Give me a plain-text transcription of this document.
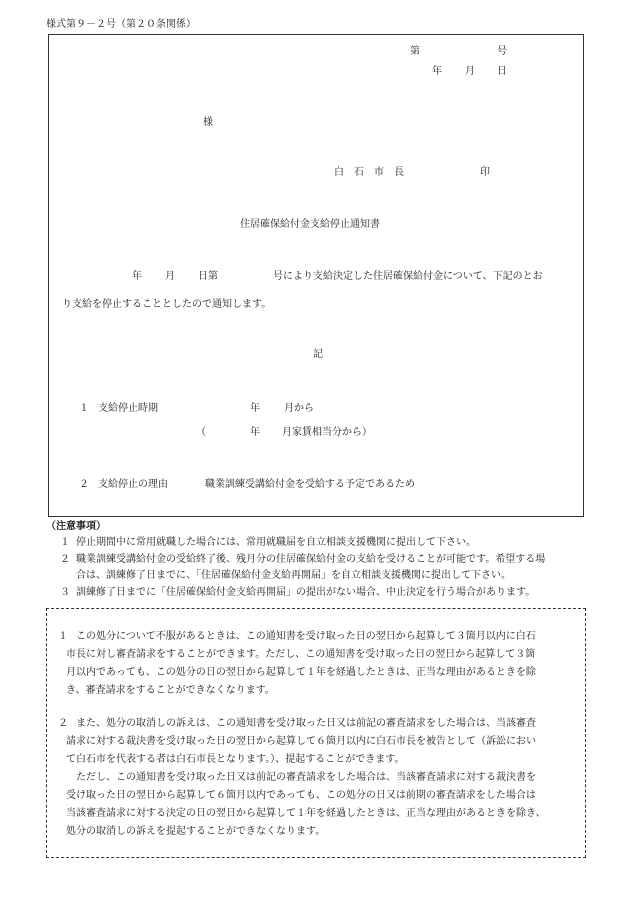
様式第９－２号（第２０条関係）
第	号
年 月 日
様
白　石　市　長	印
住居確保給付金支給停止通知書
年 月 日第	号により支給決定した住居確保給付金について、下記のとお
り支給を停止することとしたので通知します。
記
１ 支給停止時期	年 月から
（	年 月家賃相当分から）
２ 支給停止の理由	職業訓練受講給付金を受給する予定であるため
（注意事項）
１ 停止期間中に常用就職した場合には、常用就職届を自立相談支援機関に提出して下さい。
２ 職業訓練受講給付金の受給終了後、残月分の住居確保給付金の支給を受けることが可能です。希望する場
合は、訓練修了日までに、「住居確保給付金支給再開届」を自立相談支援機関に提出して下さい。
３ 訓練修了日までに「住居確保給付金支給再開届」の提出がない場合、中止決定を行う場合があります。
１ この処分について不服があるときは、この通知書を受け取った日の翌日から起算して３箇月以内に白石
市長に対し審査請求をすることができます。ただし、この通知書を受け取った日の翌日から起算して３箇
月以内であっても、この処分の日の翌日から起算して１年を経過したときは、正当な理由があるときを除
き、審査請求をすることができなくなります。
２ また、処分の取消しの訴えは、この通知書を受け取った日又は前記の審査請求をした場合は、当該審査
請求に対する裁決書を受け取った日の翌日から起算して６箇月以内に白石市長を被告として（訴訟におい
て白石市を代表する者は白石市長となります。）、提起することができます。
ただし、この通知書を受け取った日又は前記の審査請求をした場合は、当該審査請求に対する裁決書を
受け取った日の翌日から起算して６箇月以内であっても、この処分の日又は前期の審査請求をした場合は
当該審査請求に対する決定の日の翌日から起算して１年を経過したときは、正当な理由があるときを除き、
処分の取消しの訴えを提起することができなくなります。
